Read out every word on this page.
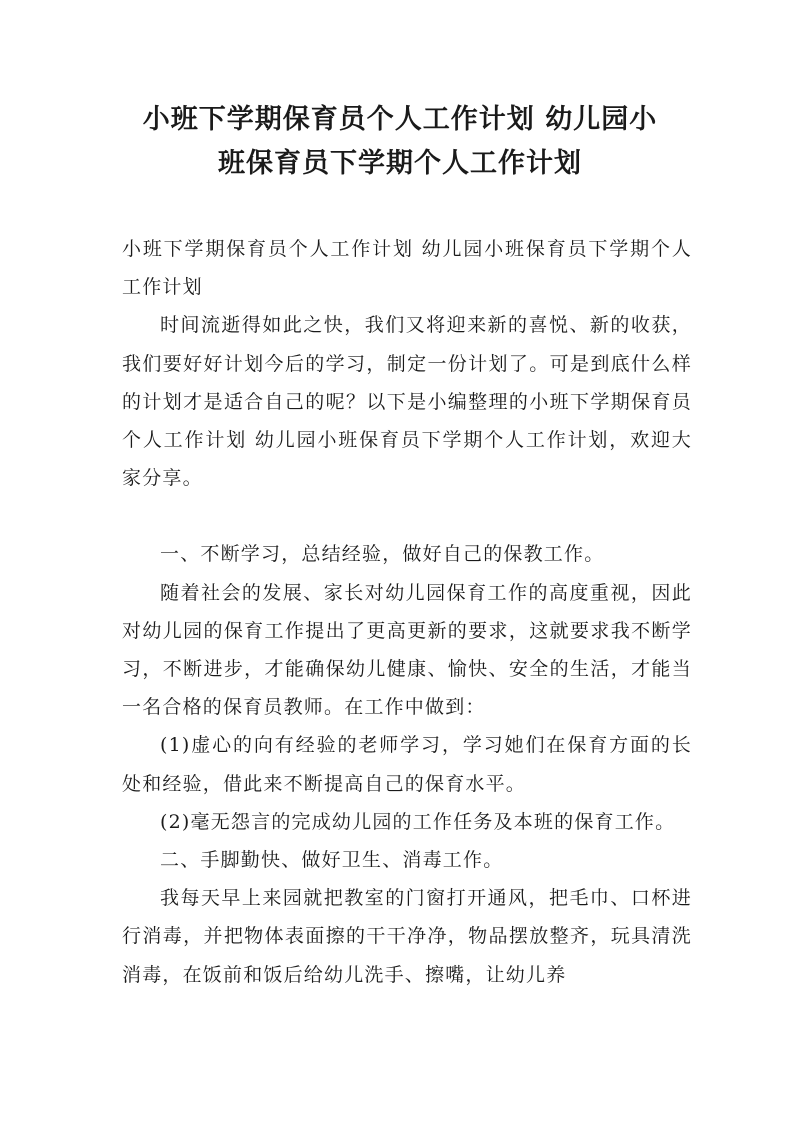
小班下学期保育员个人工作计划 幼儿园小
班保育员下学期个人工作计划

小班下学期保育员个人工作计划 幼儿园小班保育员下学期个人工作计划

时间流逝得如此之快，我们又将迎来新的喜悦、新的收获，我们要好好计划今后的学习，制定一份计划了。可是到底什么样的计划才是适合自己的呢？以下是小编整理的小班下学期保育员个人工作计划 幼儿园小班保育员下学期个人工作计划，欢迎大家分享。

一、不断学习，总结经验，做好自己的保教工作。

随着社会的发展、家长对幼儿园保育工作的高度重视，因此对幼儿园的保育工作提出了更高更新的要求，这就要求我不断学习，不断进步，才能确保幼儿健康、愉快、安全的生活，才能当一名合格的保育员教师。在工作中做到：

(1)虚心的向有经验的老师学习，学习她们在保育方面的长处和经验，借此来不断提高自己的保育水平。

(2)毫无怨言的完成幼儿园的工作任务及本班的保育工作。

二、手脚勤快、做好卫生、消毒工作。

我每天早上来园就把教室的门窗打开通风，把毛巾、口杯进行消毒，并把物体表面擦的干干净净，物品摆放整齐，玩具清洗消毒，在饭前和饭后给幼儿洗手、擦嘴，让幼儿养
